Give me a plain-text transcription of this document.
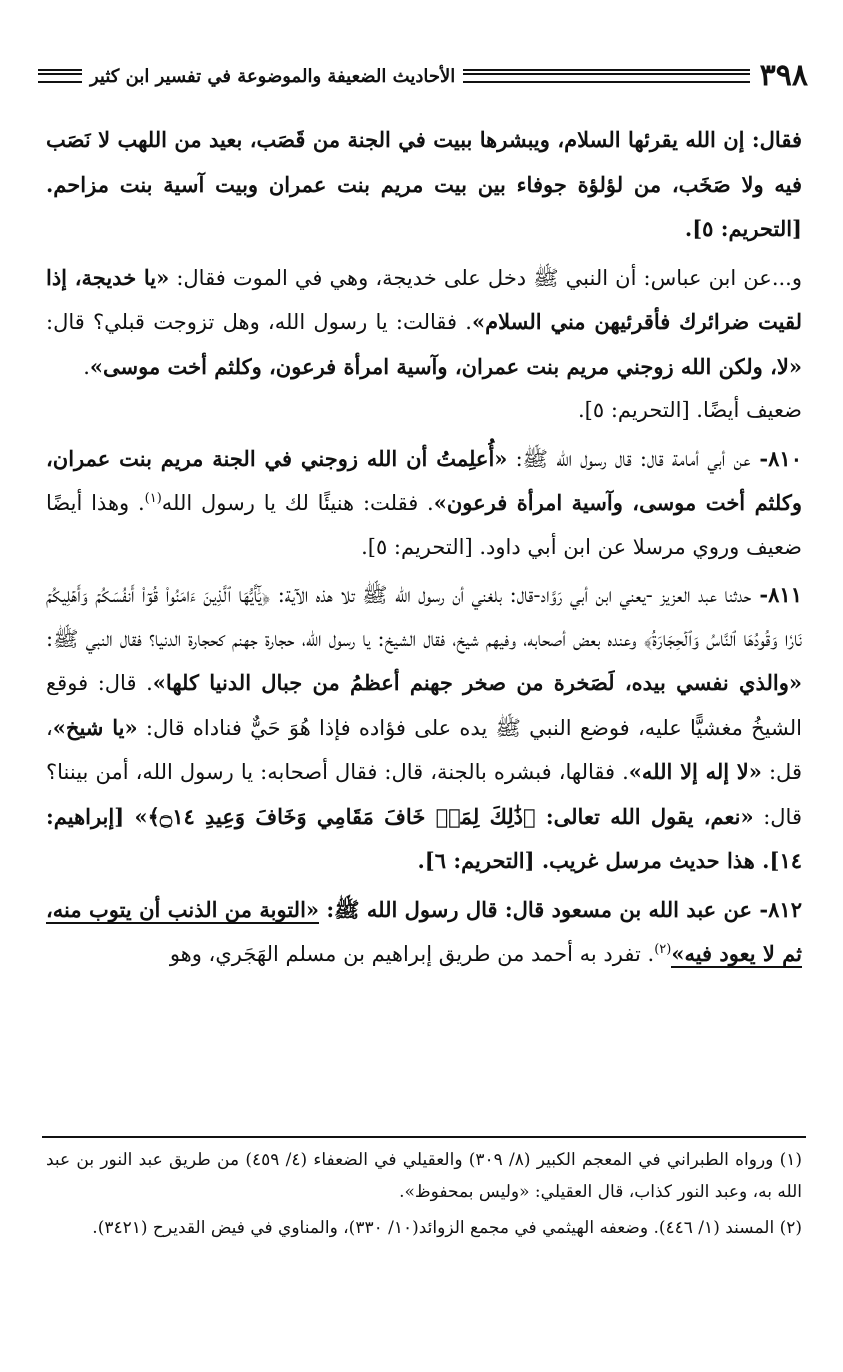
٣٩٨
الأحاديث الضعيفة والموضوعة في تفسير ابن كثير

فقال: إن الله يقرئها السلام، ويبشرها ببيت في الجنة من قَصَب، بعيد من اللهب لا نَصَب فيه ولا صَخَب، من لؤلؤة جوفاء بين بيت مريم بنت عمران وبيت آسية بنت مزاحم. [التحريم: ٥].

و...عن ابن عباس: أن النبي ﷺ دخل على خديجة، وهي في الموت فقال: «يا خديجة، إذا لقيت ضرائرك فأقرئيهن مني السلام». فقالت: يا رسول الله، وهل تزوجت قبلي؟ قال: «لا، ولكن الله زوجني مريم بنت عمران، وآسية امرأة فرعون، وكلثم أخت موسى».

ضعيف أيضًا. [التحريم: ٥].

٨١٠- عن أبي أمامة قال: قال رسول الله ﷺ: «أُعلِمتُ أن الله زوجني في الجنة مريم بنت عمران، وكلثم أخت موسى، وآسية امرأة فرعون». فقلت: هنيئًا لك يا رسول الله$^{(١)}$. وهذا أيضًا ضعيف وروي مرسلا عن ابن أبي داود. [التحريم: ٥].

٨١١- حدثنا عبد العزيز -يعني ابن أبي رَوَّاد-قال: بلغني أن رسول الله ﷺ تلا هذه الآية: ﴿يَٰٓأَيُّهَا ٱلَّذِينَ ءَامَنُواْ قُوٓاْ أَنفُسَكُمۡ وَأَهۡلِيكُمۡ نَارٗا وَقُودُهَا ٱلنَّاسُ وَٱلۡحِجَارَةُ﴾ وعنده بعض أصحابه، وفيهم شيخ، فقال الشيخ: يا رسول الله، حجارة جهنم كحجارة الدنيا؟ فقال النبي ﷺ: «والذي نفسي بيده، لَصَخرة من صخر جهنم أعظمُ من جبال الدنيا كلها». قال: فوقع الشيخُ مغشيًّا عليه، فوضع النبي ﷺ يده على فؤاده فإذا هُوَ حَيٌّ فناداه قال: «يا شيخ»، قل: «لا إله إلا الله». فقالها، فبشره بالجنة، قال: فقال أصحابه: يا رسول الله، أمن بيننا؟ قال: «نعم، يقول الله تعالى: ﴿ذَٰلِكَ لِمَنۡ خَافَ مَقَامِي وَخَافَ وَعِيدِ ۝١٤﴾» [إبراهيم: ١٤]. هذا حديث مرسل غريب. [التحريم: ٦].

٨١٢- عن عبد الله بن مسعود قال: قال رسول الله ﷺ: «التوبة من الذنب أن يتوب منه، ثم لا يعود فيه»$^{(٢)}$. تفرد به أحمد من طريق إبراهيم بن مسلم الهَجَري، وهو

(١) ورواه الطبراني في المعجم الكبير (٨/ ٣٠٩) والعقيلي في الضعفاء (٤/ ٤٥٩) من طريق عبد النور بن عبد الله به، وعبد النور كذاب، قال العقيلي: «وليس بمحفوظ».

(٢) المسند (١/ ٤٤٦). وضعفه الهيثمي في مجمع الزوائد(١٠/ ٣٣٠)، والمناوي في فيض القديرح (٣٤٢١).
